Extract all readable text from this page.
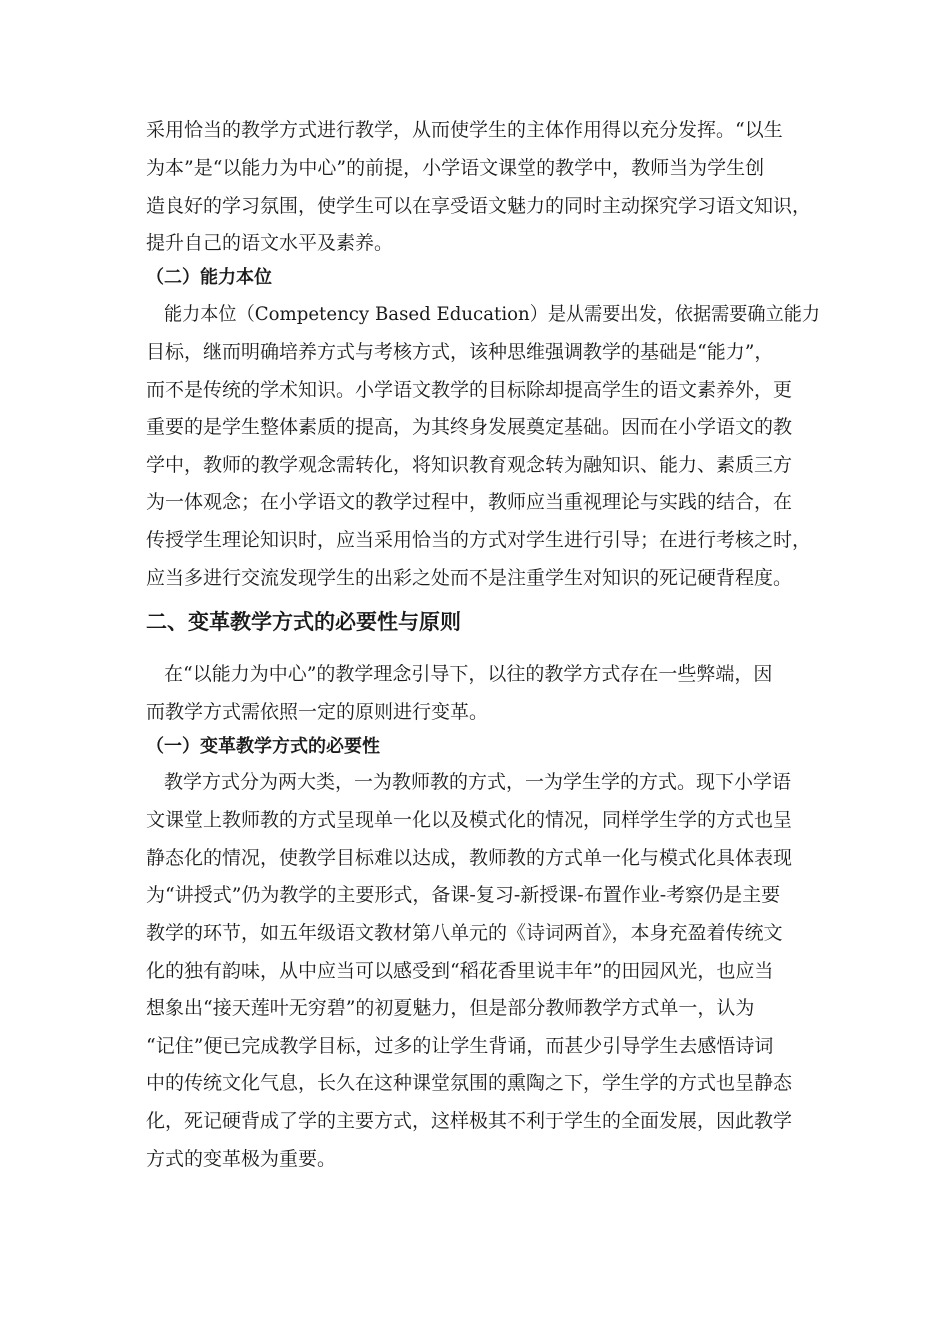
采用恰当的教学方式进行教学，从而使学生的主体作用得以充分发挥。“以生
为本”是“以能力为中心”的前提，小学语文课堂的教学中，教师当为学生创
造良好的学习氛围，使学生可以在享受语文魅力的同时主动探究学习语文知识，
提升自己的语文水平及素养。
（二）能力本位
能力本位（Competency Based Education）是从需要出发，依据需要确立能力
目标，继而明确培养方式与考核方式，该种思维强调教学的基础是“能力”，
而不是传统的学术知识。小学语文教学的目标除却提高学生的语文素养外，更
重要的是学生整体素质的提高，为其终身发展奠定基础。因而在小学语文的教
学中，教师的教学观念需转化，将知识教育观念转为融知识、能力、素质三方
为一体观念；在小学语文的教学过程中，教师应当重视理论与实践的结合，在
传授学生理论知识时，应当采用恰当的方式对学生进行引导；在进行考核之时，
应当多进行交流发现学生的出彩之处而不是注重学生对知识的死记硬背程度。
二、变革教学方式的必要性与原则
在“以能力为中心”的教学理念引导下，以往的教学方式存在一些弊端，因
而教学方式需依照一定的原则进行变革。
（一）变革教学方式的必要性
教学方式分为两大类，一为教师教的方式，一为学生学的方式。现下小学语
文课堂上教师教的方式呈现单一化以及模式化的情况，同样学生学的方式也呈
静态化的情况，使教学目标难以达成，教师教的方式单一化与模式化具体表现
为“讲授式”仍为教学的主要形式，备课-复习-新授课-布置作业-考察仍是主要
教学的环节，如五年级语文教材第八单元的《诗词两首》，本身充盈着传统文
化的独有韵味，从中应当可以感受到“稻花香里说丰年”的田园风光，也应当
想象出“接天莲叶无穷碧”的初夏魅力，但是部分教师教学方式单一，认为
“记住”便已完成教学目标，过多的让学生背诵，而甚少引导学生去感悟诗词
中的传统文化气息，长久在这种课堂氛围的熏陶之下，学生学的方式也呈静态
化，死记硬背成了学的主要方式，这样极其不利于学生的全面发展，因此教学
方式的变革极为重要。
